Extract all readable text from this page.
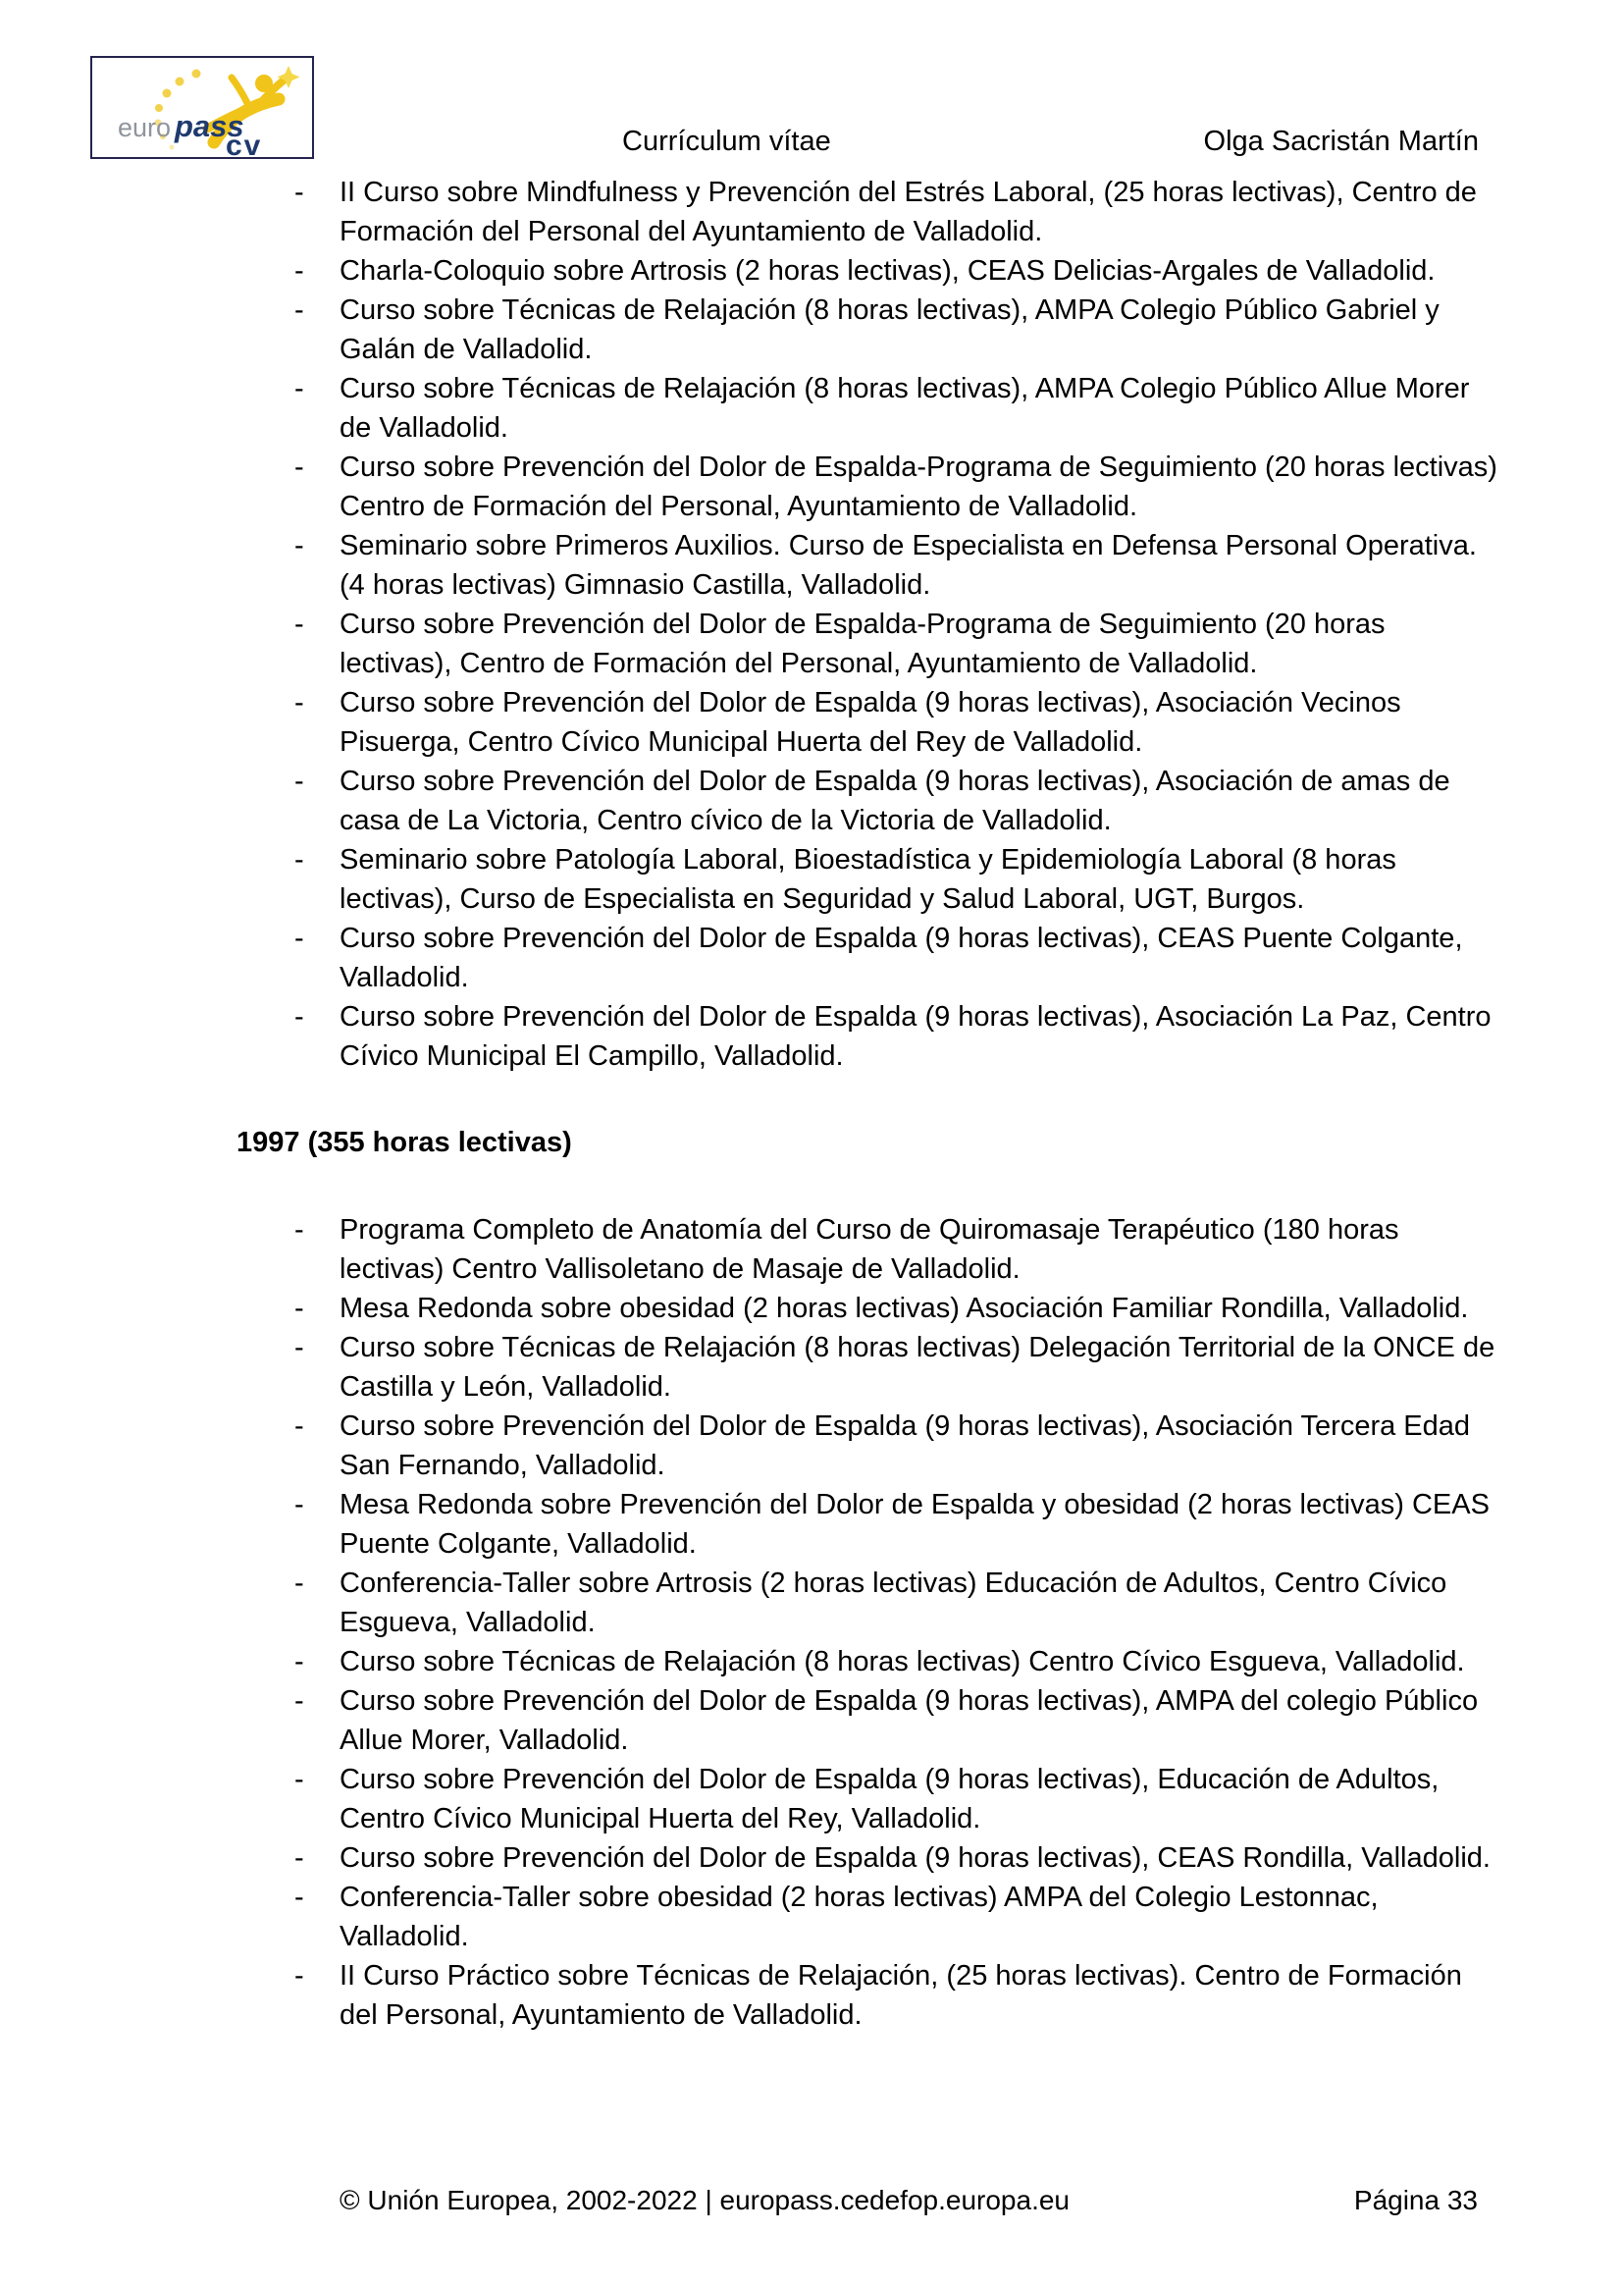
euro pass
cv	Currículum vítae	Olga Sacristán Martín
- II Curso sobre Mindfulness y Prevención del Estrés Laboral, (25 horas lectivas), Centro de Formación del Personal del Ayuntamiento de Valladolid.
- Charla-Coloquio sobre Artrosis (2 horas lectivas), CEAS Delicias-Argales de Valladolid.
- Curso sobre Técnicas de Relajación (8 horas lectivas), AMPA Colegio Público Gabriel y Galán de Valladolid.
- Curso sobre Técnicas de Relajación (8 horas lectivas), AMPA Colegio Público Allue Morer de Valladolid.
- Curso sobre Prevención del Dolor de Espalda-Programa de Seguimiento (20 horas lectivas) Centro de Formación del Personal, Ayuntamiento de Valladolid.
- Seminario sobre Primeros Auxilios. Curso de Especialista en Defensa Personal Operativa. (4 horas lectivas) Gimnasio Castilla, Valladolid.
- Curso sobre Prevención del Dolor de Espalda-Programa de Seguimiento (20 horas lectivas), Centro de Formación del Personal, Ayuntamiento de Valladolid.
- Curso sobre Prevención del Dolor de Espalda (9 horas lectivas), Asociación Vecinos Pisuerga, Centro Cívico Municipal Huerta del Rey de Valladolid.
- Curso sobre Prevención del Dolor de Espalda (9 horas lectivas), Asociación de amas de casa de La Victoria, Centro cívico de la Victoria de Valladolid.
- Seminario sobre Patología Laboral, Bioestadística y Epidemiología Laboral (8 horas lectivas), Curso de Especialista en Seguridad y Salud Laboral, UGT, Burgos.
- Curso sobre Prevención del Dolor de Espalda (9 horas lectivas), CEAS Puente Colgante, Valladolid.
- Curso sobre Prevención del Dolor de Espalda (9 horas lectivas), Asociación La Paz, Centro Cívico Municipal El Campillo, Valladolid.
1997 (355 horas lectivas)
- Programa Completo de Anatomía del Curso de Quiromasaje Terapéutico (180 horas lectivas) Centro Vallisoletano de Masaje de Valladolid.
- Mesa Redonda sobre obesidad (2 horas lectivas) Asociación Familiar Rondilla, Valladolid.
- Curso sobre Técnicas de Relajación (8 horas lectivas) Delegación Territorial de la ONCE de Castilla y León, Valladolid.
- Curso sobre Prevención del Dolor de Espalda (9 horas lectivas), Asociación Tercera Edad San Fernando, Valladolid.
- Mesa Redonda sobre Prevención del Dolor de Espalda y obesidad (2 horas lectivas) CEAS Puente Colgante, Valladolid.
- Conferencia-Taller sobre Artrosis (2 horas lectivas) Educación de Adultos, Centro Cívico Esgueva, Valladolid.
- Curso sobre Técnicas de Relajación (8 horas lectivas) Centro Cívico Esgueva, Valladolid.
- Curso sobre Prevención del Dolor de Espalda (9 horas lectivas), AMPA del colegio Público Allue Morer, Valladolid.
- Curso sobre Prevención del Dolor de Espalda (9 horas lectivas), Educación de Adultos, Centro Cívico Municipal Huerta del Rey, Valladolid.
- Curso sobre Prevención del Dolor de Espalda (9 horas lectivas), CEAS Rondilla, Valladolid.
- Conferencia-Taller sobre obesidad (2 horas lectivas) AMPA del Colegio Lestonnac, Valladolid.
- II Curso Práctico sobre Técnicas de Relajación, (25 horas lectivas). Centro de Formación del Personal, Ayuntamiento de Valladolid.
© Unión Europea, 2002-2022 | europass.cedefop.europa.eu	Página 33
